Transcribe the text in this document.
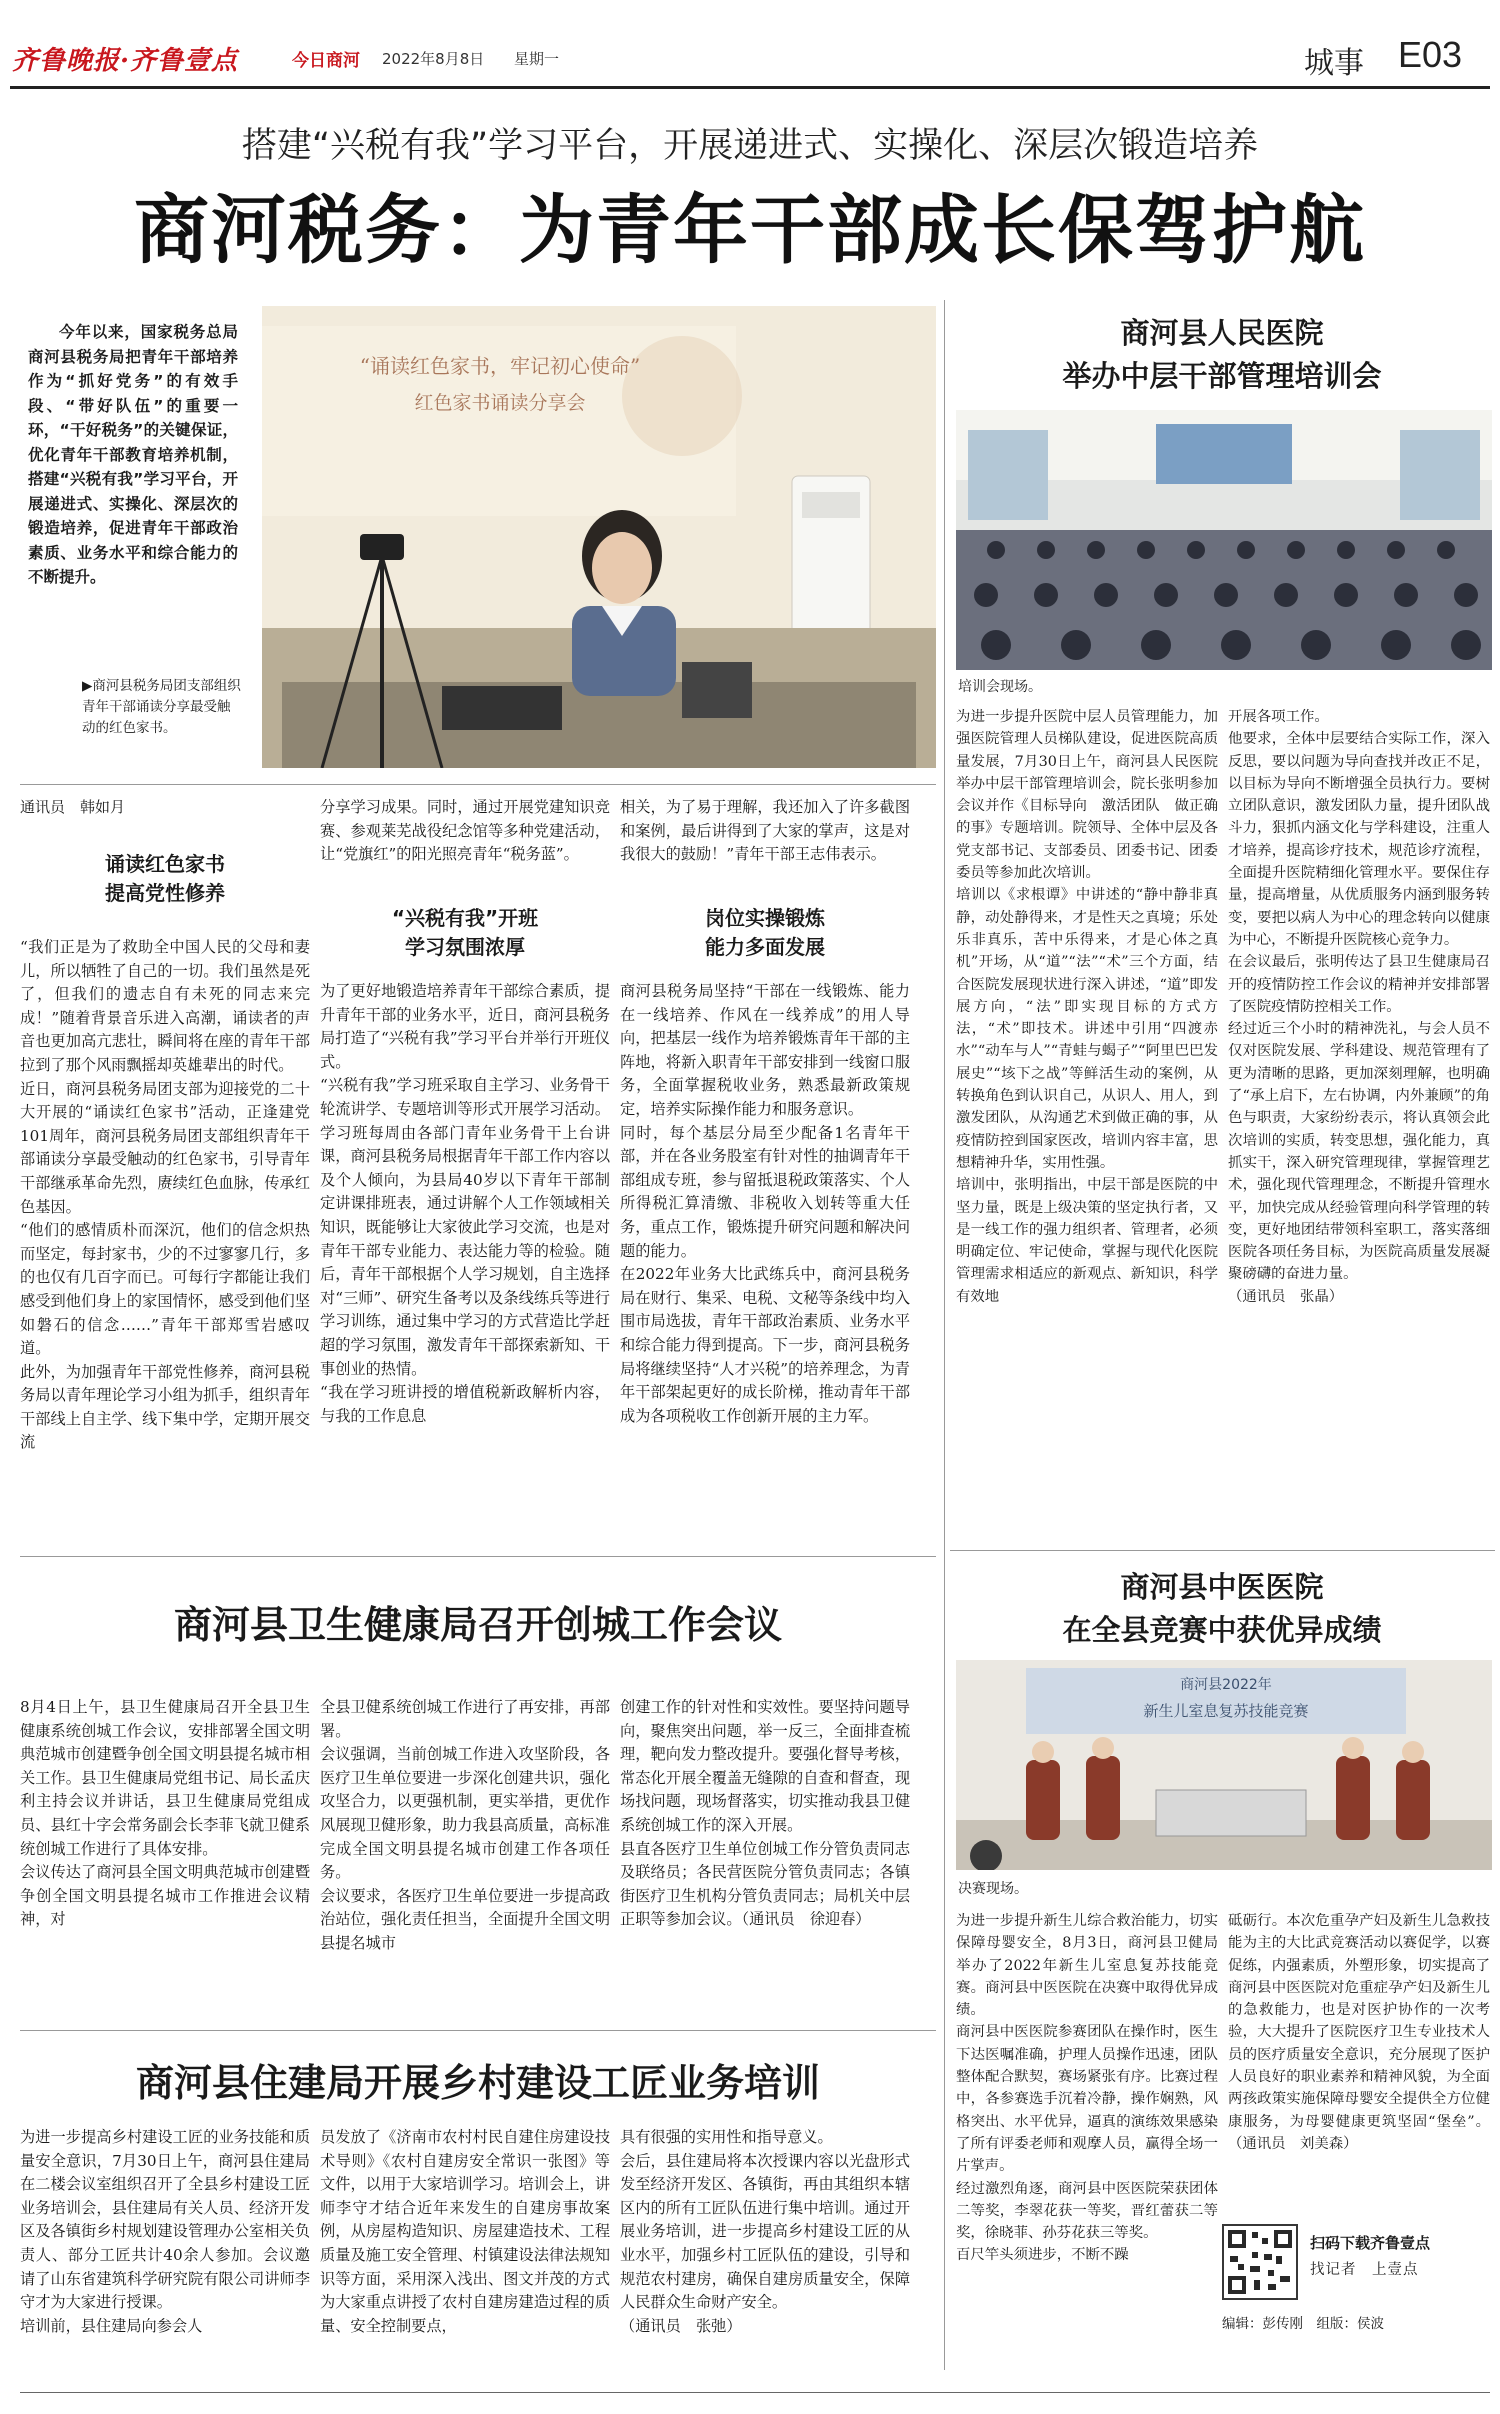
齐鲁晚报·齐鲁壹点	今日商河 2022年8月8日 星期一	城事 E03
搭建“兴税有我”学习平台，开展递进式、实操化、深层次锻造培养
商河税务：为青年干部成长保驾护航
今年以来，国家税务总局商河县税务局把青年干部培养作为“抓好党务”的有效手段、“带好队伍”的重要一环，“干好税务”的关键保证，优化青年干部教育培养机制，搭建“兴税有我”学习平台，开展递进式、实操化、深层次的锻造培养，促进青年干部政治素质、业务水平和综合能力的不断提升。
▶商河县税务局团支部组织青年干部诵读分享最受触动的红色家书。
“诵读红色家书，牢记初心使命”
红色家书诵读分享会
通讯员　韩如月
诵读红色家书
提高党性修养
“我们正是为了救助全中国人民的父母和妻儿，所以牺牲了自己的一切。我们虽然是死了，但我们的遗志自有未死的同志来完成！”随着背景音乐进入高潮，诵读者的声音也更加高亢悲壮，瞬间将在座的青年干部拉到了那个风雨飘摇却英雄辈出的时代。
近日，商河县税务局团支部为迎接党的二十大开展的“诵读红色家书”活动，正逢建党101周年，商河县税务局团支部组织青年干部诵读分享最受触动的红色家书，引导青年干部继承革命先烈，赓续红色血脉，传承红色基因。
“他们的感情质朴而深沉，他们的信念炽热而坚定，每封家书，少的不过寥寥几行，多的也仅有几百字而已。可每行字都能让我们感受到他们身上的家国情怀，感受到他们坚如磐石的信念……”青年干部郑雪岩感叹道。
此外，为加强青年干部党性修养，商河县税务局以青年理论学习小组为抓手，组织青年干部线上自主学、线下集中学，定期开展交流
分享学习成果。同时，通过开展党建知识竞赛、参观莱芜战役纪念馆等多种党建活动，让“党旗红”的阳光照亮青年“税务蓝”。
“兴税有我”开班
学习氛围浓厚
为了更好地锻造培养青年干部综合素质，提升青年干部的业务水平，近日，商河县税务局打造了“兴税有我”学习平台并举行开班仪式。
“兴税有我”学习班采取自主学习、业务骨干轮流讲学、专题培训等形式开展学习活动。学习班每周由各部门青年业务骨干上台讲课，商河县税务局根据青年干部工作内容以及个人倾向，为县局40岁以下青年干部制定讲课排班表，通过讲解个人工作领域相关知识，既能够让大家彼此学习交流，也是对青年干部专业能力、表达能力等的检验。随后，青年干部根据个人学习规划，自主选择对“三师”、研究生备考以及条线练兵等进行学习训练，通过集中学习的方式营造比学赶超的学习氛围，激发青年干部探索新知、干事创业的热情。
“我在学习班讲授的增值税新政解析内容，与我的工作息息
相关，为了易于理解，我还加入了许多截图和案例，最后讲得到了大家的掌声，这是对我很大的鼓励！”青年干部王志伟表示。
岗位实操锻炼
能力多面发展
商河县税务局坚持“干部在一线锻炼、能力在一线培养、作风在一线养成”的用人导向，把基层一线作为培养锻炼青年干部的主阵地，将新入职青年干部安排到一线窗口服务，全面掌握税收业务，熟悉最新政策规定，培养实际操作能力和服务意识。
同时，每个基层分局至少配备1名青年干部，并在各业务股室有针对性的抽调青年干部组成专班，参与留抵退税政策落实、个人所得税汇算清缴、非税收入划转等重大任务，重点工作，锻炼提升研究问题和解决问题的能力。
在2022年业务大比武练兵中，商河县税务局在财行、集采、电税、文秘等条线中均入围市局选拔，青年干部政治素质、业务水平和综合能力得到提高。下一步，商河县税务局将继续坚持“人才兴税”的培养理念，为青年干部架起更好的成长阶梯，推动青年干部成为各项税收工作创新开展的主力军。
商河县人民医院
举办中层干部管理培训会
培训会现场。
为进一步提升医院中层人员管理能力，加强医院管理人员梯队建设，促进医院高质量发展，7月30日上午，商河县人民医院举办中层干部管理培训会，院长张明参加会议并作《目标导向　激活团队　做正确的事》专题培训。院领导、全体中层及各党支部书记、支部委员、团委书记、团委委员等参加此次培训。
培训以《求根谭》中讲述的“静中静非真静，动处静得来，才是性天之真境；乐处乐非真乐，苦中乐得来，才是心体之真机”开场，从“道”“法”“术”三个方面，结合医院发展现状进行深入讲述，“道”即发展方向，“法”即实现目标的方式方法，“术”即技术。讲述中引用“四渡赤水”“动车与人”“青蛙与蝎子”“阿里巴巴发展史”“垓下之战”等鲜活生动的案例，从转换角色到认识自己，从识人、用人，到激发团队，从沟通艺术到做正确的事，从疫情防控到国家医改，培训内容丰富，思想精神升华，实用性强。
培训中，张明指出，中层干部是医院的中坚力量，既是上级决策的坚定执行者，又是一线工作的强力组织者、管理者，必须明确定位、牢记使命，掌握与现代化医院管理需求相适应的新观点、新知识，科学有效地
开展各项工作。
他要求，全体中层要结合实际工作，深入反思，要以问题为导向查找并改正不足，以目标为导向不断增强全员执行力。要树立团队意识，激发团队力量，提升团队战斗力，狠抓内涵文化与学科建设，注重人才培养，提高诊疗技术，规范诊疗流程，全面提升医院精细化管理水平。要保住存量，提高增量，从优质服务内涵到服务转变，要把以病人为中心的理念转向以健康为中心，不断提升医院核心竞争力。
在会议最后，张明传达了县卫生健康局召开的疫情防控工作会议的精神并安排部署了医院疫情防控相关工作。
经过近三个小时的精神洗礼，与会人员不仅对医院发展、学科建设、规范管理有了更为清晰的思路，更加深刻理解，也明确了“承上启下，左右协调，内外兼顾”的角色与职责，大家纷纷表示，将认真领会此次培训的实质，转变思想，强化能力，真抓实干，深入研究管理现律，掌握管理艺术，强化现代管理理念，不断提升管理水平，加快完成从经验管理向科学管理的转变，更好地团结带领科室职工，落实落细医院各项任务目标，为医院高质量发展凝聚磅礴的奋进力量。
（通讯员　张晶）
商河县卫生健康局召开创城工作会议
8月4日上午，县卫生健康局召开全县卫生健康系统创城工作会议，安排部署全国文明典范城市创建暨争创全国文明县提名城市相关工作。县卫生健康局党组书记、局长孟庆利主持会议并讲话，县卫生健康局党组成员、县红十字会常务副会长李菲飞就卫健系统创城工作进行了具体安排。
会议传达了商河县全国文明典范城市创建暨争创全国文明县提名城市工作推进会议精神，对
全县卫健系统创城工作进行了再安排，再部署。
会议强调，当前创城工作进入攻坚阶段，各医疗卫生单位要进一步深化创建共识，强化攻坚合力，以更强机制，更实举措，更优作风展现卫健形象，助力我县高质量，高标准完成全国文明县提名城市创建工作各项任务。
会议要求，各医疗卫生单位要进一步提高政治站位，强化责任担当，全面提升全国文明县提名城市
创建工作的针对性和实效性。要坚持问题导向，聚焦突出问题，举一反三，全面排查梳理，靶向发力整改提升。要强化督导考核，常态化开展全覆盖无缝隙的自查和督查，现场找问题，现场督落实，切实推动我县卫健系统创城工作的深入开展。
县直各医疗卫生单位创城工作分管负责同志及联络员；各民营医院分管负责同志；各镇街医疗卫生机构分管负责同志；局机关中层正职等参加会议。（通讯员　徐迎春）
商河县住建局开展乡村建设工匠业务培训
为进一步提高乡村建设工匠的业务技能和质量安全意识，7月30日上午，商河县住建局在二楼会议室组织召开了全县乡村建设工匠业务培训会，县住建局有关人员、经济开发区及各镇街乡村规划建设管理办公室相关负责人、部分工匠共计40余人参加。会议邀请了山东省建筑科学研究院有限公司讲师李守才为大家进行授课。
培训前，县住建局向参会人
员发放了《济南市农村村民自建住房建设技术导则》《农村自建房安全常识一张图》等文件，以用于大家培训学习。培训会上，讲师李守才结合近年来发生的自建房事故案例，从房屋构造知识、房屋建造技术、工程质量及施工安全管理、村镇建设法律法规知识等方面，采用深入浅出、图文并茂的方式为大家重点讲授了农村自建房建造过程的质量、安全控制要点，
具有很强的实用性和指导意义。
会后，县住建局将本次授课内容以光盘形式发至经济开发区、各镇街，再由其组织本辖区内的所有工匠队伍进行集中培训。通过开展业务培训，进一步提高乡村建设工匠的从业水平，加强乡村工匠队伍的建设，引导和规范农村建房，确保自建房质量安全，保障人民群众生命财产安全。
（通讯员　张弛）
商河县中医医院
在全县竞赛中获优异成绩
商河县2022年
新生儿室息复苏技能竞赛
决赛现场。
为进一步提升新生儿综合救治能力，切实保障母婴安全，8月3日，商河县卫健局举办了2022年新生儿室息复苏技能竞赛。商河县中医医院在决赛中取得优异成绩。
商河县中医医院参赛团队在操作时，医生下达医嘱准确，护理人员操作迅速，团队整体配合默契，赛场紧张有序。比赛过程中，各参赛选手沉着冷静，操作娴熟，风格突出、水平优异，逼真的演练效果感染了所有评委老师和观摩人员，赢得全场一片掌声。
经过激烈角逐，商河县中医医院荣获团体二等奖，李翠花获一等奖，晋红蕾获二等奖，徐晓菲、孙芬花获三等奖。
百尺竿头须进步，不断不躁
砥砺行。本次危重孕产妇及新生儿急救技能为主的大比武竞赛活动以赛促学，以赛促练，内强素质，外塑形象，切实提高了商河县中医医院对危重症孕产妇及新生儿的急救能力，也是对医护协作的一次考验，大大提升了医院医疗卫生专业技术人员的医疗质量安全意识，充分展现了医护人员良好的职业素养和精神风貌，为全面两孩政策实施保障母婴安全提供全方位健康服务，为母婴健康更筑坚固“堡垒”。（通讯员　刘美森）
扫码下载齐鲁壹点
找记者　上壹点
编辑：彭传刚　组版：侯波
